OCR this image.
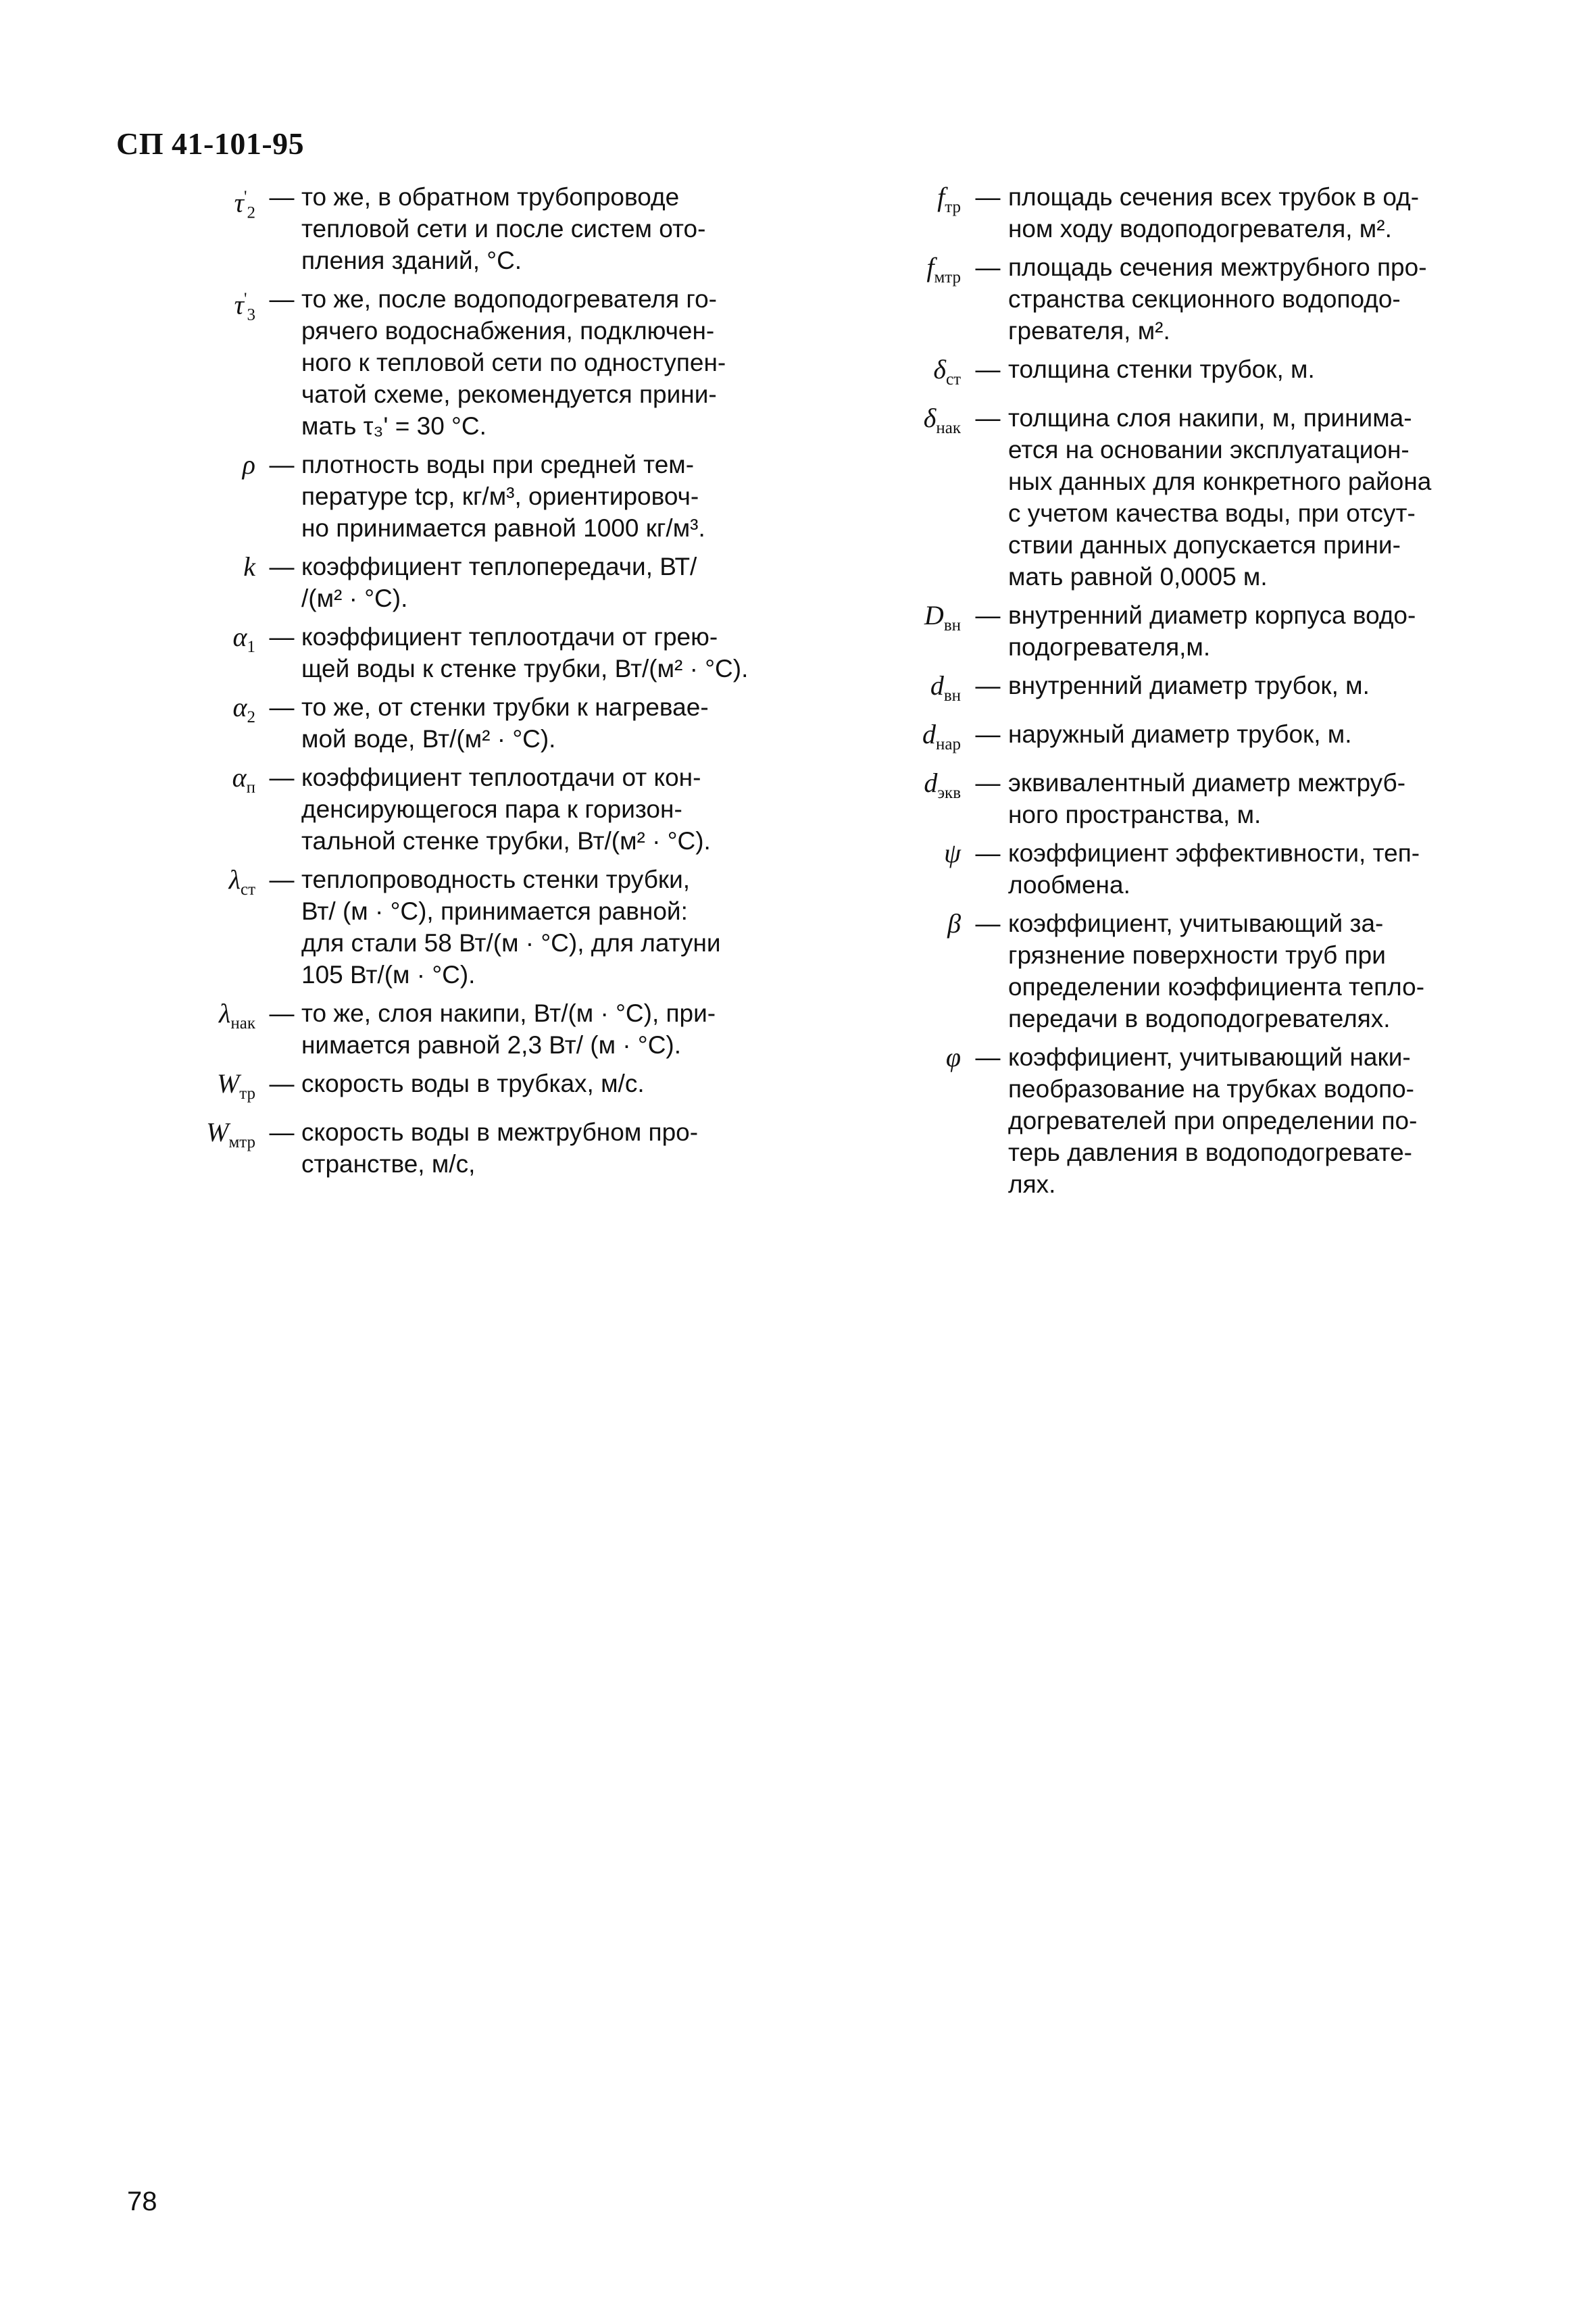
СП 41-101-95
$\tau'_2$
— то же, в обратном трубопроводе
тепловой сети и после систем ото-
пления зданий, °С.
$\tau'_3$
— то же, после водоподогревателя го-
рячего водоснабжения, подключен-
ного к тепловой сети по одноступен-
чатой схеме, рекомендуется прини-
мать τ₃' = 30 °С.
ρ — плотность воды при средней тем-
пературе tср, кг/м³, ориентировоч-
но принимается равной 1000 кг/м³.
k — коэффициент теплопередачи, ВТ/
/(м² · °С).
$\alpha_1$ — коэффициент теплоотдачи от грею-
щей воды к стенке трубки, Вт/(м² · °С).
$\alpha_2$ — то же, от стенки трубки к нагревае-
мой воде, Вт/(м² · °С).
$\alpha_п$ — коэффициент теплоотдачи от кон-
денсирующегося пара к горизон-
тальной стенке трубки, Вт/(м² · °С).
$\lambda_{ст}$ — теплопроводность стенки трубки,
Вт/ (м · °С), принимается равной:
для стали 58 Вт/(м · °С), для латуни
105 Вт/(м · °С).
$\lambda_{нак}$ — то же, слоя накипи, Вт/(м · °С), при-
нимается равной 2,3 Вт/ (м · °С).
$W_{тр}$ — скорость воды в трубках, м/с.
$W_{мтр}$ — скорость воды в межтрубном про-
странстве, м/с,
$f_{тр}$ — площадь сечения всех трубок в од-
ном ходу водоподогревателя, м².
$f_{мтр}$ — площадь сечения межтрубного про-
странства секционного водоподо-
гревателя, м².
$\delta_{ст}$ — толщина стенки трубок, м.
$\delta_{нак}$ — толщина слоя накипи, м, принима-
ется на основании эксплуатацион-
ных данных для конкретного района
с учетом качества воды, при отсут-
ствии данных допускается прини-
мать равной 0,0005 м.
$D_{вн}$ — внутренний диаметр корпуса водо-
подогревателя,м.
$d_{вн}$ — внутренний диаметр трубок, м.
$d_{нар}$ — наружный диаметр трубок, м.
$d_{экв}$ — эквивалентный диаметр межтруб-
ного пространства, м.
ψ — коэффициент эффективности, теп-
лообмена.
β — коэффициент, учитывающий за-
грязнение поверхности труб при
определении коэффициента тепло-
передачи в водоподогревателях.
φ — коэффициент, учитывающий наки-
пеобразование на трубках водопо-
догревателей при определении по-
терь давления в водоподогревате-
лях.
78
